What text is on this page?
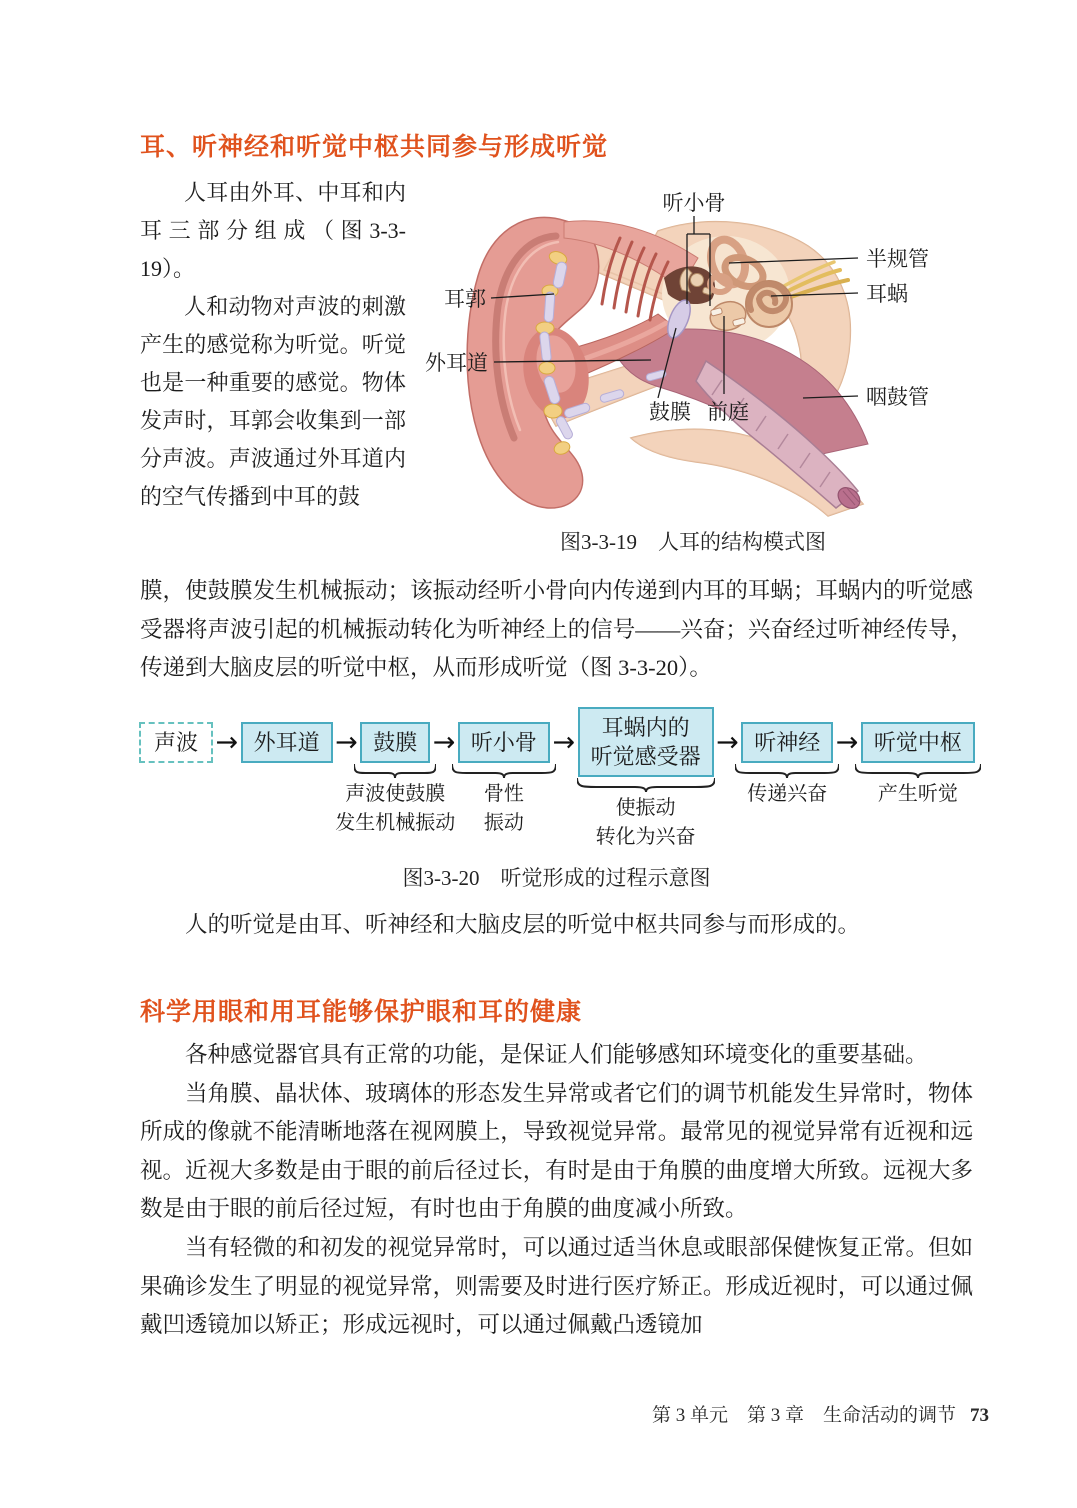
耳、听神经和听觉中枢共同参与形成听觉

人耳由外耳、中耳和内耳三部分组成（图3-3-19）。

人和动物对声波的刺激产生的感觉称为听觉。听觉也是一种重要的感觉。物体发声时，耳郭会收集到一部分声波。声波通过外耳道内的空气传播到中耳的鼓

听小骨
耳郭
外耳道
鼓膜 前庭
半规管
耳蜗
咽鼓管
图3-3-19　人耳的结构模式图

膜，使鼓膜发生机械振动；该振动经听小骨向内传递到内耳的耳蜗；耳蜗内的听觉感受器将声波引起的机械振动转化为听神经上的信号——兴奋；兴奋经过听神经传导，传递到大脑皮层的听觉中枢，从而形成听觉（图 3-3-20）。

声波 → 外耳道 → 鼓膜
声波使鼓膜
发生机械振动
→ 听小骨
骨性
振动
→ 耳蜗内的
听觉感受器
使振动
转化为兴奋
→ 听神经
传递兴奋
→ 听觉中枢
产生听觉
图3-3-20　听觉形成的过程示意图

人的听觉是由耳、听神经和大脑皮层的听觉中枢共同参与而形成的。

科学用眼和用耳能够保护眼和耳的健康

各种感觉器官具有正常的功能，是保证人们能够感知环境变化的重要基础。

当角膜、晶状体、玻璃体的形态发生异常或者它们的调节机能发生异常时，物体所成的像就不能清晰地落在视网膜上，导致视觉异常。最常见的视觉异常有近视和远视。近视大多数是由于眼的前后径过长，有时是由于角膜的曲度增大所致。远视大多数是由于眼的前后径过短，有时也由于角膜的曲度减小所致。

当有轻微的和初发的视觉异常时，可以通过适当休息或眼部保健恢复正常。但如果确诊发生了明显的视觉异常，则需要及时进行医疗矫正。形成近视时，可以通过佩戴凹透镜加以矫正；形成远视时，可以通过佩戴凸透镜加

第 3 单元　第 3 章　生命活动的调节 73
